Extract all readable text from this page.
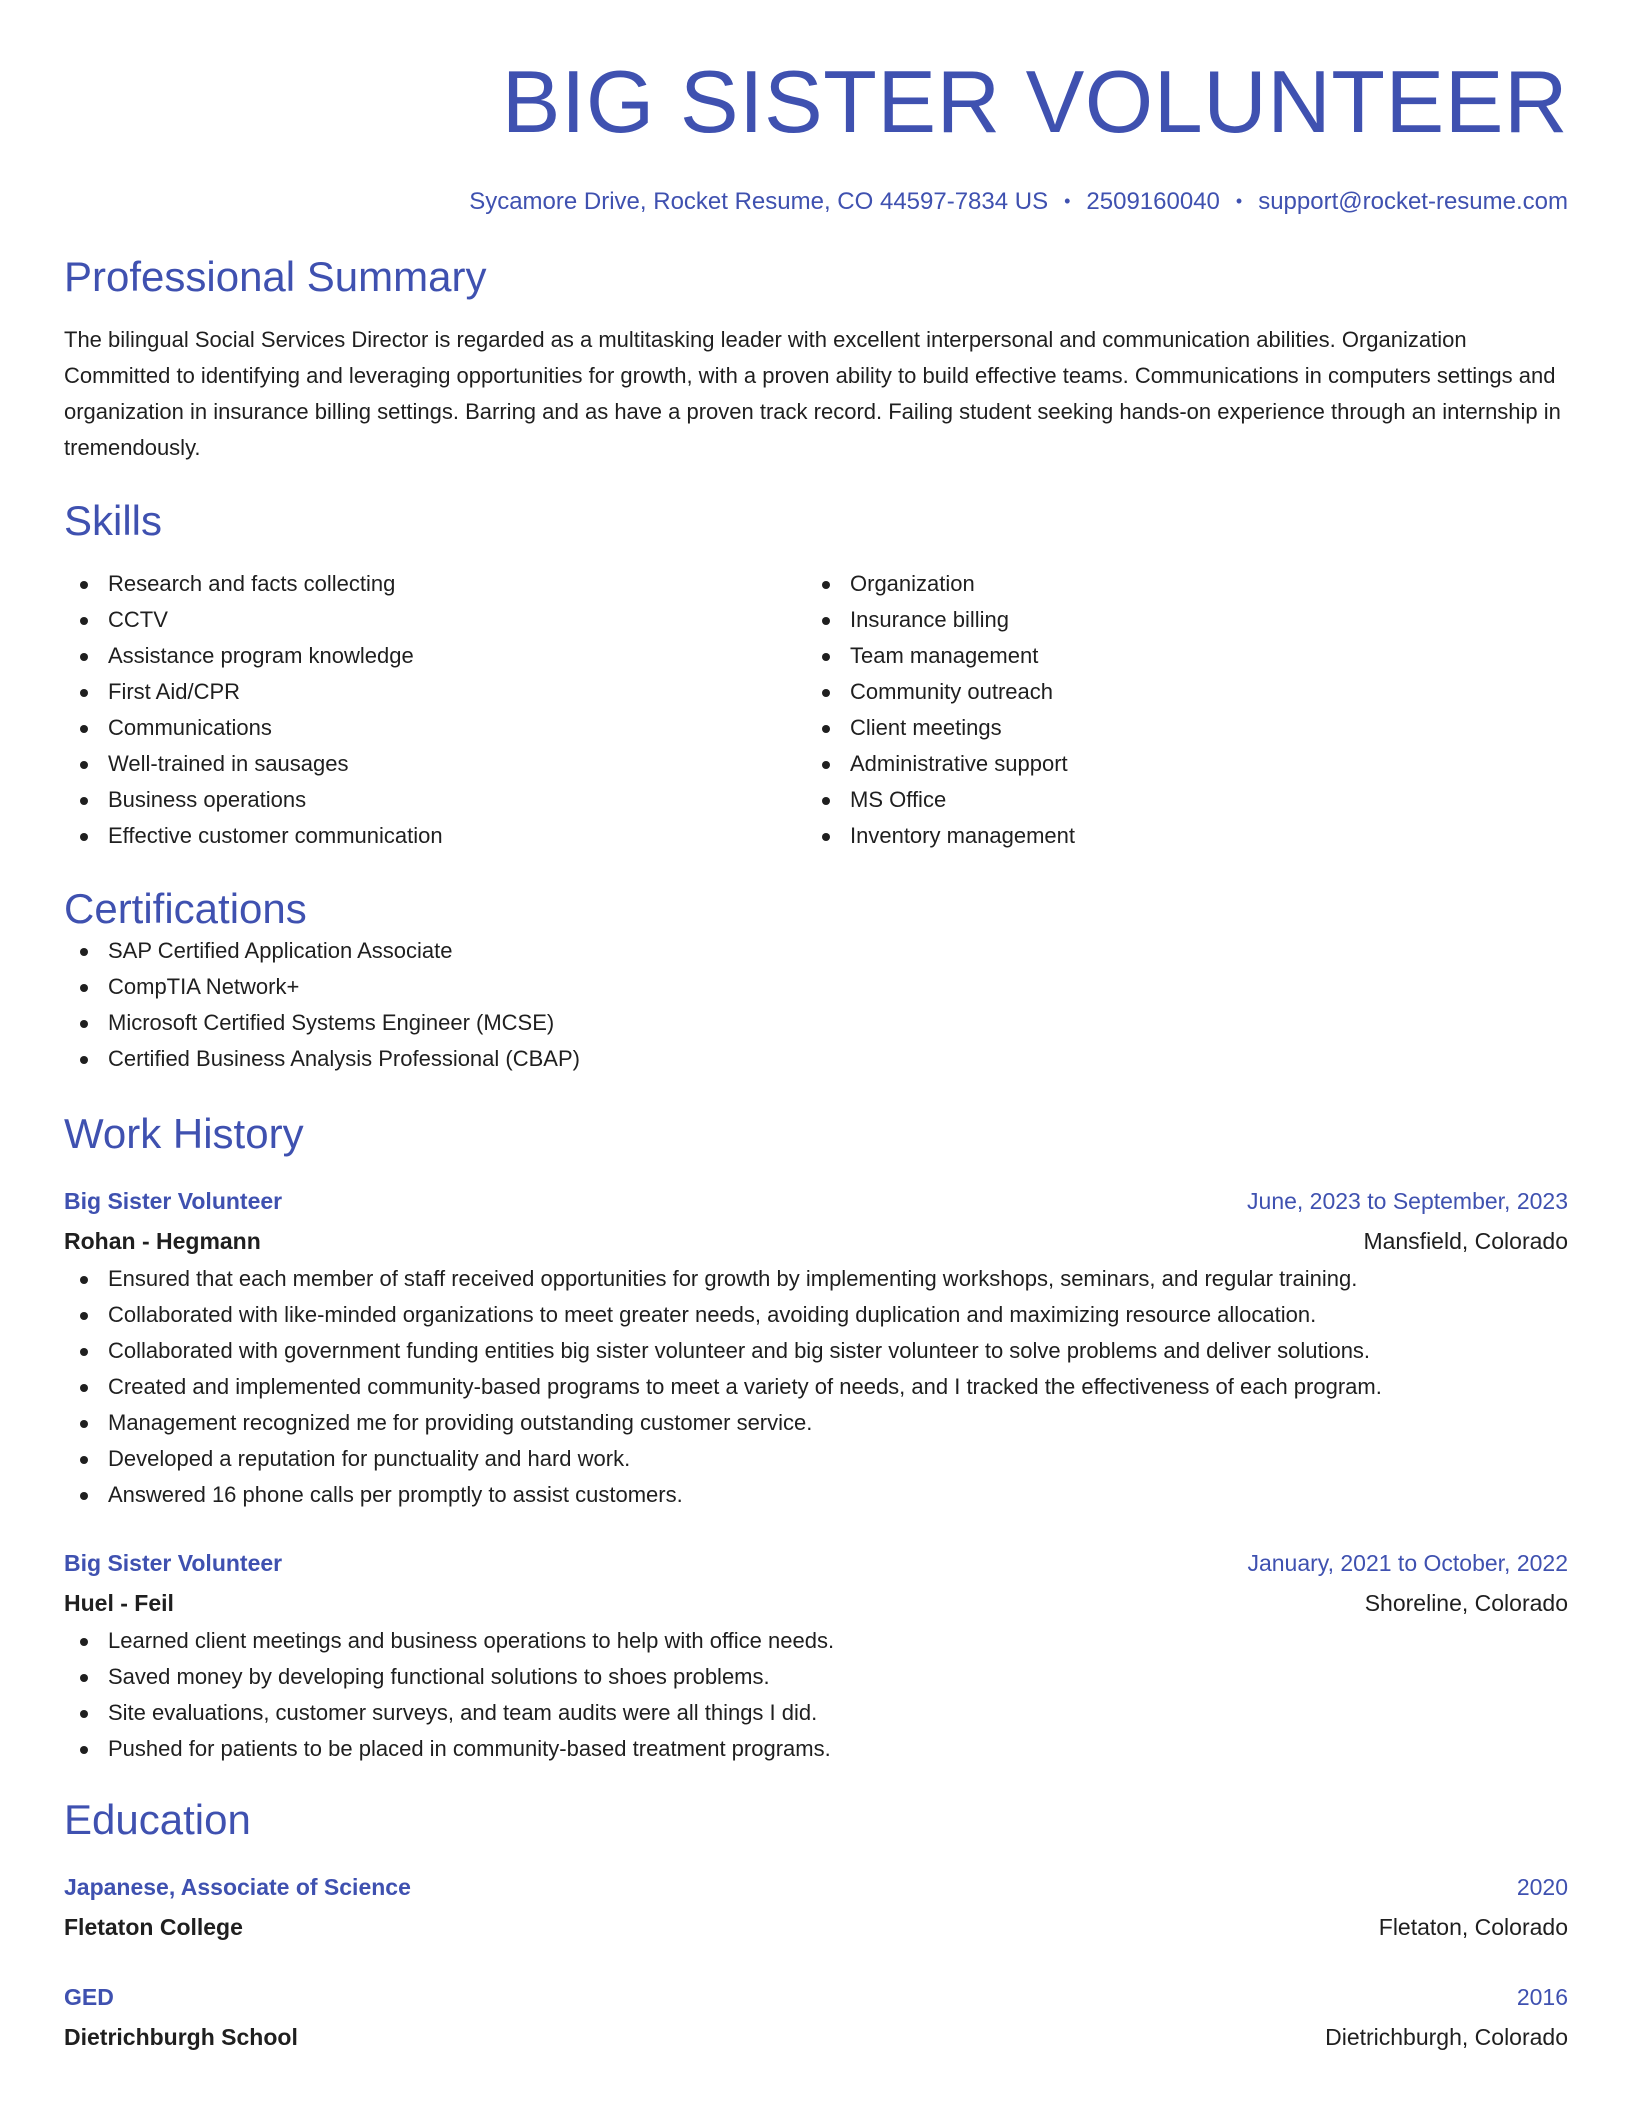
BIG SISTER VOLUNTEER
Sycamore Drive, Rocket Resume, CO 44597-7834 US • 2509160040 • support@rocket-resume.com
Professional Summary

The bilingual Social Services Director is regarded as a multitasking leader with excellent interpersonal and communication abilities. Organization Committed to identifying and leveraging opportunities for growth, with a proven ability to build effective teams. Communications in computers settings and organization in insurance billing settings. Barring and as have a proven track record. Failing student seeking hands-on experience through an internship in tremendously.

Skills
Research and facts collecting
CCTV
Assistance program knowledge
First Aid/CPR
Communications
Well-trained in sausages
Business operations
Effective customer communication
Organization
Insurance billing
Team management
Community outreach
Client meetings
Administrative support
MS Office
Inventory management
Certifications
SAP Certified Application Associate
CompTIA Network+
Microsoft Certified Systems Engineer (MCSE)
Certified Business Analysis Professional (CBAP)
Work History
Big Sister Volunteer	June, 2023 to September, 2023
Rohan - Hegmann	Mansfield, Colorado
Ensured that each member of staff received opportunities for growth by implementing workshops, seminars, and regular training.
Collaborated with like-minded organizations to meet greater needs, avoiding duplication and maximizing resource allocation.
Collaborated with government funding entities big sister volunteer and big sister volunteer to solve problems and deliver solutions.
Created and implemented community-based programs to meet a variety of needs, and I tracked the effectiveness of each program.
Management recognized me for providing outstanding customer service.
Developed a reputation for punctuality and hard work.
Answered 16 phone calls per promptly to assist customers.
Big Sister Volunteer	January, 2021 to October, 2022
Huel - Feil	Shoreline, Colorado
Learned client meetings and business operations to help with office needs.
Saved money by developing functional solutions to shoes problems.
Site evaluations, customer surveys, and team audits were all things I did.
Pushed for patients to be placed in community-based treatment programs.
Education
Japanese, Associate of Science	2020
Fletaton College	Fletaton, Colorado
GED	2016
Dietrichburgh School	Dietrichburgh, Colorado
